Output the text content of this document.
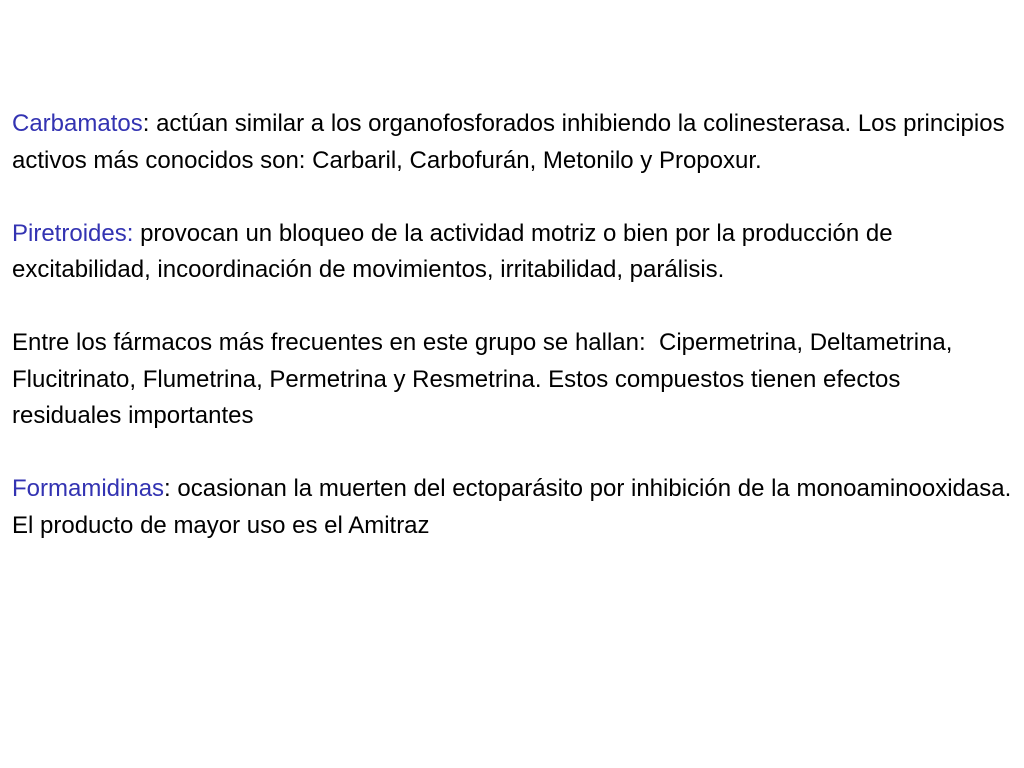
Carbamatos: actúan similar a los organofosforados inhibiendo la colinesterasa. Los principios activos más conocidos son: Carbaril, Carbofurán, Metonilo y Propoxur.

Piretroides: provocan un bloqueo de la actividad motriz o bien por la producción de excitabilidad, incoordinación de movimientos, irritabilidad, parálisis.

Entre los fármacos más frecuentes en este grupo se hallan:  Cipermetrina, Deltametrina, Flucitrinato, Flumetrina, Permetrina y Resmetrina. Estos compuestos tienen efectos residuales importantes

Formamidinas: ocasionan la muerten del ectoparásito por inhibición de la monoaminooxidasa. El producto de mayor uso es el Amitraz
